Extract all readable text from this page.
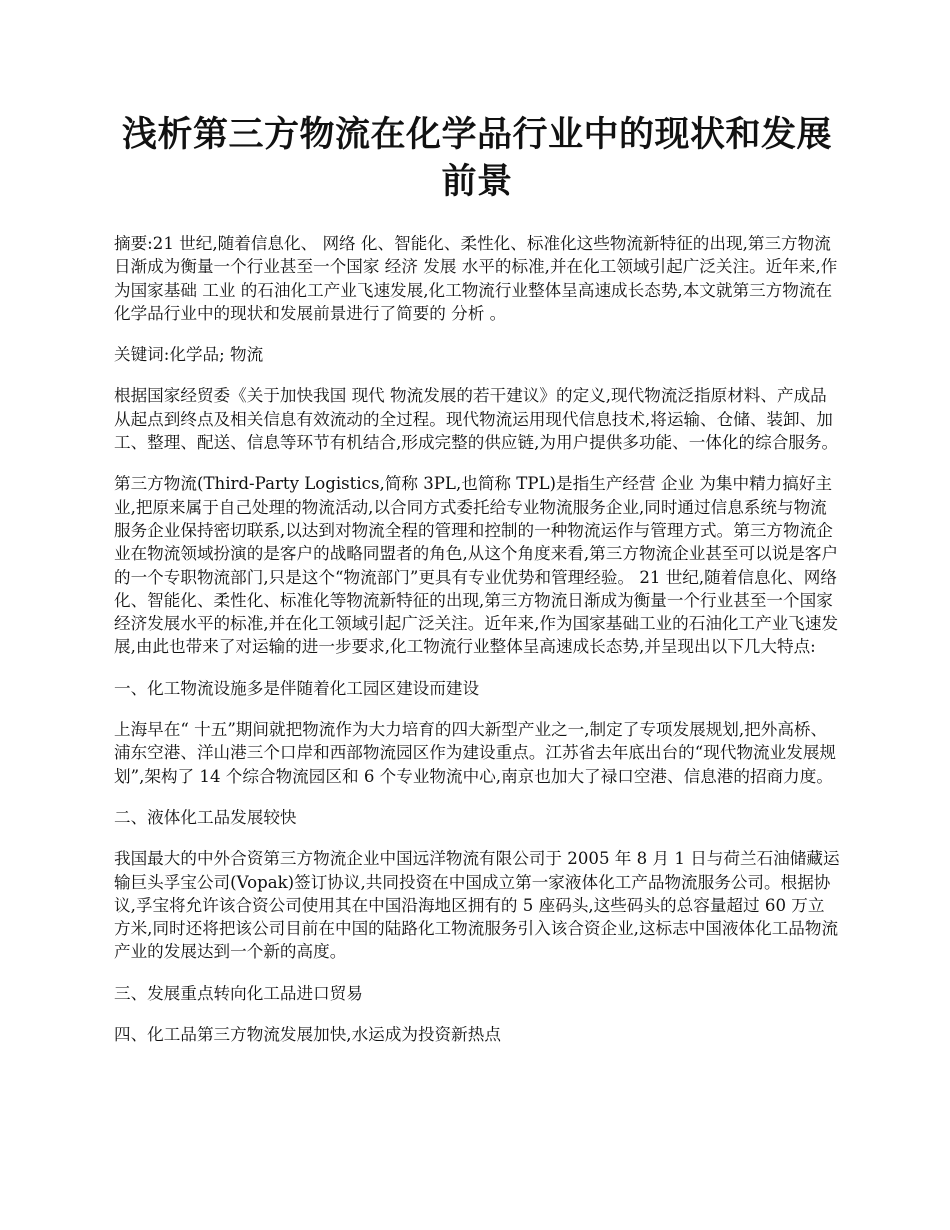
浅析第三方物流在化学品行业中的现状和发展前景

摘要:21 世纪,随着信息化、 网络 化、智能化、柔性化、标准化这些物流新特征的出现,第三方物流日渐成为衡量一个行业甚至一个国家 经济 发展 水平的标准,并在化工领域引起广泛关注。近年来,作为国家基础 工业 的石油化工产业飞速发展,化工物流行业整体呈高速成长态势,本文就第三方物流在化学品行业中的现状和发展前景进行了简要的 分析 。

关键词:化学品; 物流

根据国家经贸委《关于加快我国 现代 物流发展的若干建议》的定义,现代物流泛指原材料、产成品从起点到终点及相关信息有效流动的全过程。现代物流运用现代信息技术,将运输、仓储、装卸、加工、整理、配送、信息等环节有机结合,形成完整的供应链,为用户提供多功能、一体化的综合服务。

第三方物流(Third-Party Logistics,简称 3PL,也简称 TPL)是指生产经营 企业 为集中精力搞好主业,把原来属于自己处理的物流活动,以合同方式委托给专业物流服务企业,同时通过信息系统与物流服务企业保持密切联系,以达到对物流全程的管理和控制的一种物流运作与管理方式。第三方物流企业在物流领域扮演的是客户的战略同盟者的角色,从这个角度来看,第三方物流企业甚至可以说是客户的一个专职物流部门,只是这个“物流部门”更具有专业优势和管理经验。 21 世纪,随着信息化、网络化、智能化、柔性化、标准化等物流新特征的出现,第三方物流日渐成为衡量一个行业甚至一个国家经济发展水平的标准,并在化工领域引起广泛关注。近年来,作为国家基础工业的石油化工产业飞速发展,由此也带来了对运输的进一步要求,化工物流行业整体呈高速成长态势,并呈现出以下几大特点:

一、化工物流设施多是伴随着化工园区建设而建设

上海早在“ 十五”期间就把物流作为大力培育的四大新型产业之一,制定了专项发展规划,把外高桥、浦东空港、洋山港三个口岸和西部物流园区作为建设重点。江苏省去年底出台的“现代物流业发展规划”,架构了 14 个综合物流园区和 6 个专业物流中心,南京也加大了禄口空港、信息港的招商力度。

二、液体化工品发展较快

我国最大的中外合资第三方物流企业中国远洋物流有限公司于 2005 年 8 月 1 日与荷兰石油储藏运输巨头孚宝公司(Vopak)签订协议,共同投资在中国成立第一家液体化工产品物流服务公司。根据协议,孚宝将允许该合资公司使用其在中国沿海地区拥有的 5 座码头,这些码头的总容量超过 60 万立方米,同时还将把该公司目前在中国的陆路化工物流服务引入该合资企业,这标志中国液体化工品物流产业的发展达到一个新的高度。

三、发展重点转向化工品进口贸易

四、化工品第三方物流发展加快,水运成为投资新热点
